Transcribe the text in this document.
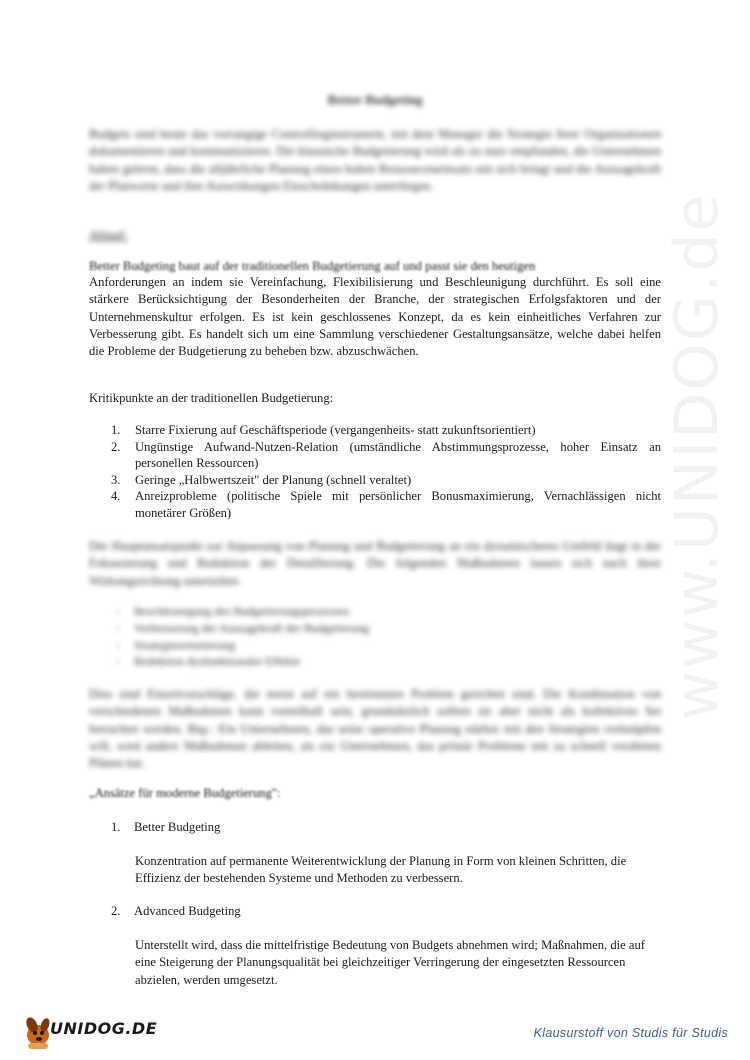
www.UNIDOG.de
Better Budgeting
Budgets sind heute das vorrangige Controllinginstrument, mit dem Manager die Strategie ihrer Organisationen dokumentieren und kommunizieren. Die klassische Budgetierung wird als zu starr empfunden, die Unternehmen haben gelernt, dass die alljährliche Planung einen hohen Ressourceneinsatz mit sich bringt und die Aussagekraft der Planwerte und ihre Auswirkungen Einschränkungen unterliegen.
Ablauf:
Better Budgeting baut auf der traditionellen Budgetierung auf und passt sie den heutigen
Anforderungen an indem sie Vereinfachung, Flexibilisierung und Beschleunigung durchführt. Es soll eine stärkere Berücksichtigung der Besonderheiten der Branche, der strategischen Erfolgsfaktoren und der Unternehmenskultur erfolgen. Es ist kein geschlossenes Konzept, da es kein einheitliches Verfahren zur Verbesserung gibt. Es handelt sich um eine Sammlung verschiedener Gestaltungsansätze, welche dabei helfen die Probleme der Budgetierung zu beheben bzw. abzuschwächen.
Kritikpunkte an der traditionellen Budgetierung:
1. Starre Fixierung auf Geschäftsperiode (vergangenheits- statt zukunftsorientiert)
2. Ungünstige Aufwand-Nutzen-Relation (umständliche Abstimmungsprozesse, hoher Einsatz an personellen Ressourcen)
3. Geringe „Halbwertszeit" der Planung (schnell veraltet)
4. Anreizprobleme (politische Spiele mit persönlicher Bonusmaximierung, Vernachlässigen nicht monetärer Größen)
Der Hauptansatzpunkt zur Anpassung von Planung und Budgetierung an ein dynamischeres Umfeld liegt in der Fokussierung und Reduktion der Detaillierung. Die folgenden Maßnahmen lassen sich nach ihrer Wirkungsrichtung unterteilen:
- Beschleunigung des Budgetierungsprozesses
- Verbesserung der Aussagekraft der Budgetierung
- Strategieorientierung
- Reduktion dysfunktionaler Effekte
Dies sind Einzelvorschläge, die meist auf ein bestimmtes Problem gerichtet sind. Die Kombination von verschiedenen Maßnahmen kann vorteilhaft sein, grundsätzlich sollten sie aber nicht als kollektives Set betrachtet werden. Bsp.: Ein Unternehmen, das seine operative Planung stärker mit den Strategien verknüpfen will, wird andere Maßnahmen ableiten, als ein Unternehmen, das primär Probleme mit zu schnell veralteten Plänen hat.
„Ansätze für moderne Budgetierung":
1. Better Budgeting
Konzentration auf permanente Weiterentwicklung der Planung in Form von kleinen Schritten, die Effizienz der bestehenden Systeme und Methoden zu verbessern.
2. Advanced Budgeting
Unterstellt wird, dass die mittelfristige Bedeutung von Budgets abnehmen wird; Maßnahmen, die auf eine Steigerung der Planungsqualität bei gleichzeitiger Verringerung der eingesetzten Ressourcen abzielen, werden umgesetzt.
UNIDOG.DE	Klausurstoff von Studis für Studis
